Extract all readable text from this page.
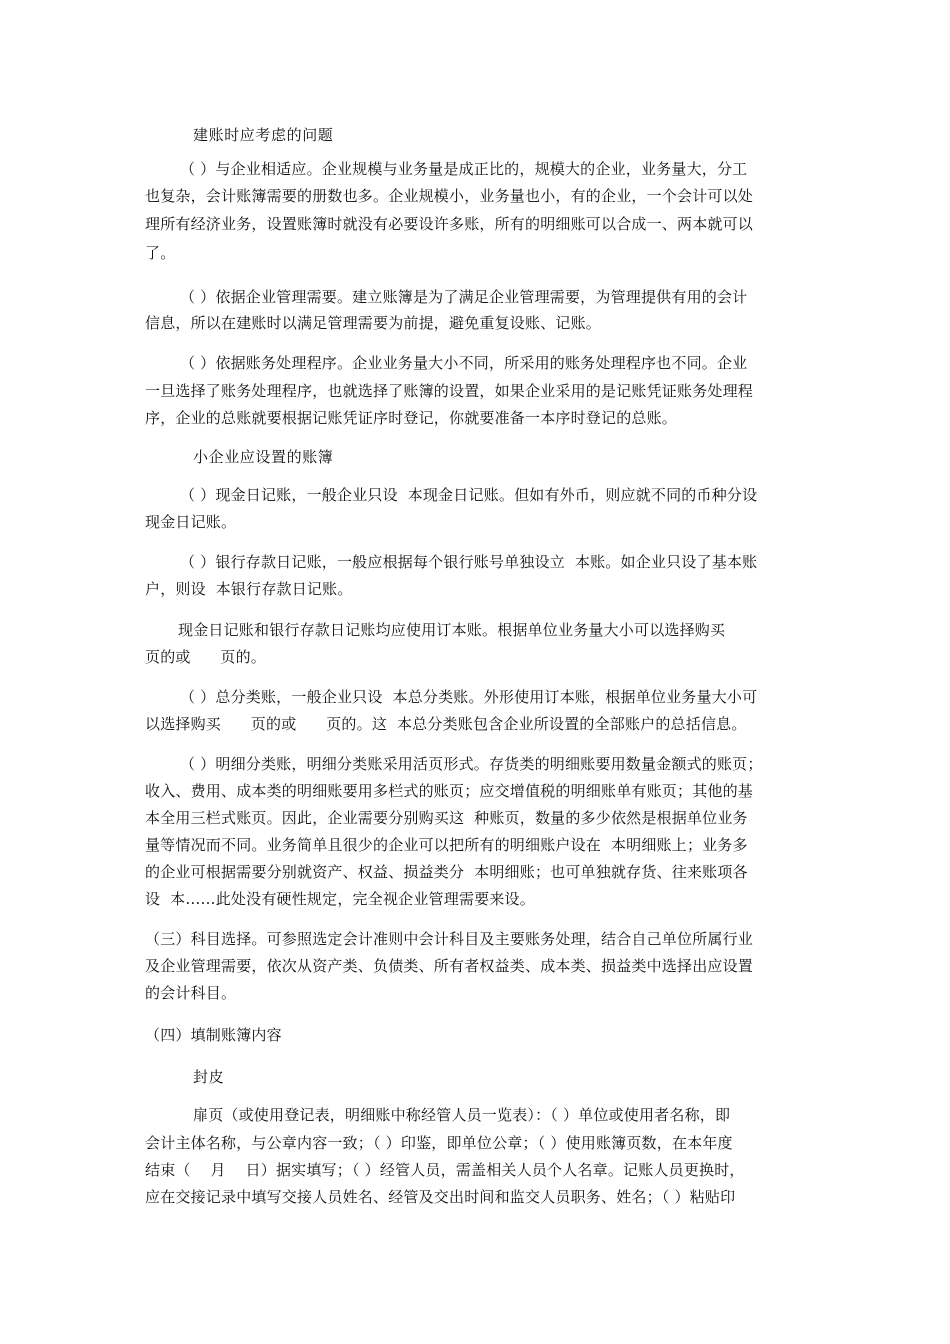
建账时应考虑的问题
（ ）与企业相适应。企业规模与业务量是成正比的，规模大的企业，业务量大，分工
也复杂，会计账簿需要的册数也多。企业规模小，业务量也小，有的企业，一个会计可以处
理所有经济业务，设置账簿时就没有必要设许多账，所有的明细账可以合成一、两本就可以
了。
（ ）依据企业管理需要。建立账簿是为了满足企业管理需要，为管理提供有用的会计
信息，所以在建账时以满足管理需要为前提，避免重复设账、记账。
（ ）依据账务处理程序。企业业务量大小不同，所采用的账务处理程序也不同。企业
一旦选择了账务处理程序，也就选择了账簿的设置，如果企业采用的是记账凭证账务处理程
序，企业的总账就要根据记账凭证序时登记，你就要准备一本序时登记的总账。
小企业应设置的账簿
（ ）现金日记账，一般企业只设  本现金日记账。但如有外币，则应就不同的币种分设
现金日记账。
（ ）银行存款日记账，一般应根据每个银行账号单独设立  本账。如企业只设了基本账
户，则设  本银行存款日记账。
现金日记账和银行存款日记账均应使用订本账。根据单位业务量大小可以选择购买
页的或      页的。
（ ）总分类账，一般企业只设  本总分类账。外形使用订本账，根据单位业务量大小可
以选择购买      页的或      页的。这  本总分类账包含企业所设置的全部账户的总括信息。
（ ）明细分类账，明细分类账采用活页形式。存货类的明细账要用数量金额式的账页；
收入、费用、成本类的明细账要用多栏式的账页；应交增值税的明细账单有账页；其他的基
本全用三栏式账页。因此，企业需要分别购买这  种账页，数量的多少依然是根据单位业务
量等情况而不同。业务简单且很少的企业可以把所有的明细账户设在  本明细账上；业务多
的企业可根据需要分别就资产、权益、损益类分  本明细账；也可单独就存货、往来账项各
设  本……此处没有硬性规定，完全视企业管理需要来设。
（三）科目选择。可参照选定会计准则中会计科目及主要账务处理，结合自己单位所属行业
及企业管理需要，依次从资产类、负债类、所有者权益类、成本类、损益类中选择出应设置
的会计科目。
（四）填制账簿内容
封皮
扉页（或使用登记表，明细账中称经管人员一览表）：（ ）单位或使用者名称，即
会计主体名称，与公章内容一致；（ ）印鉴，即单位公章；（ ）使用账簿页数，在本年度
结束（    月    日）据实填写；（ ）经管人员，需盖相关人员个人名章。记账人员更换时，
应在交接记录中填写交接人员姓名、经管及交出时间和监交人员职务、姓名；（ ）粘贴印
